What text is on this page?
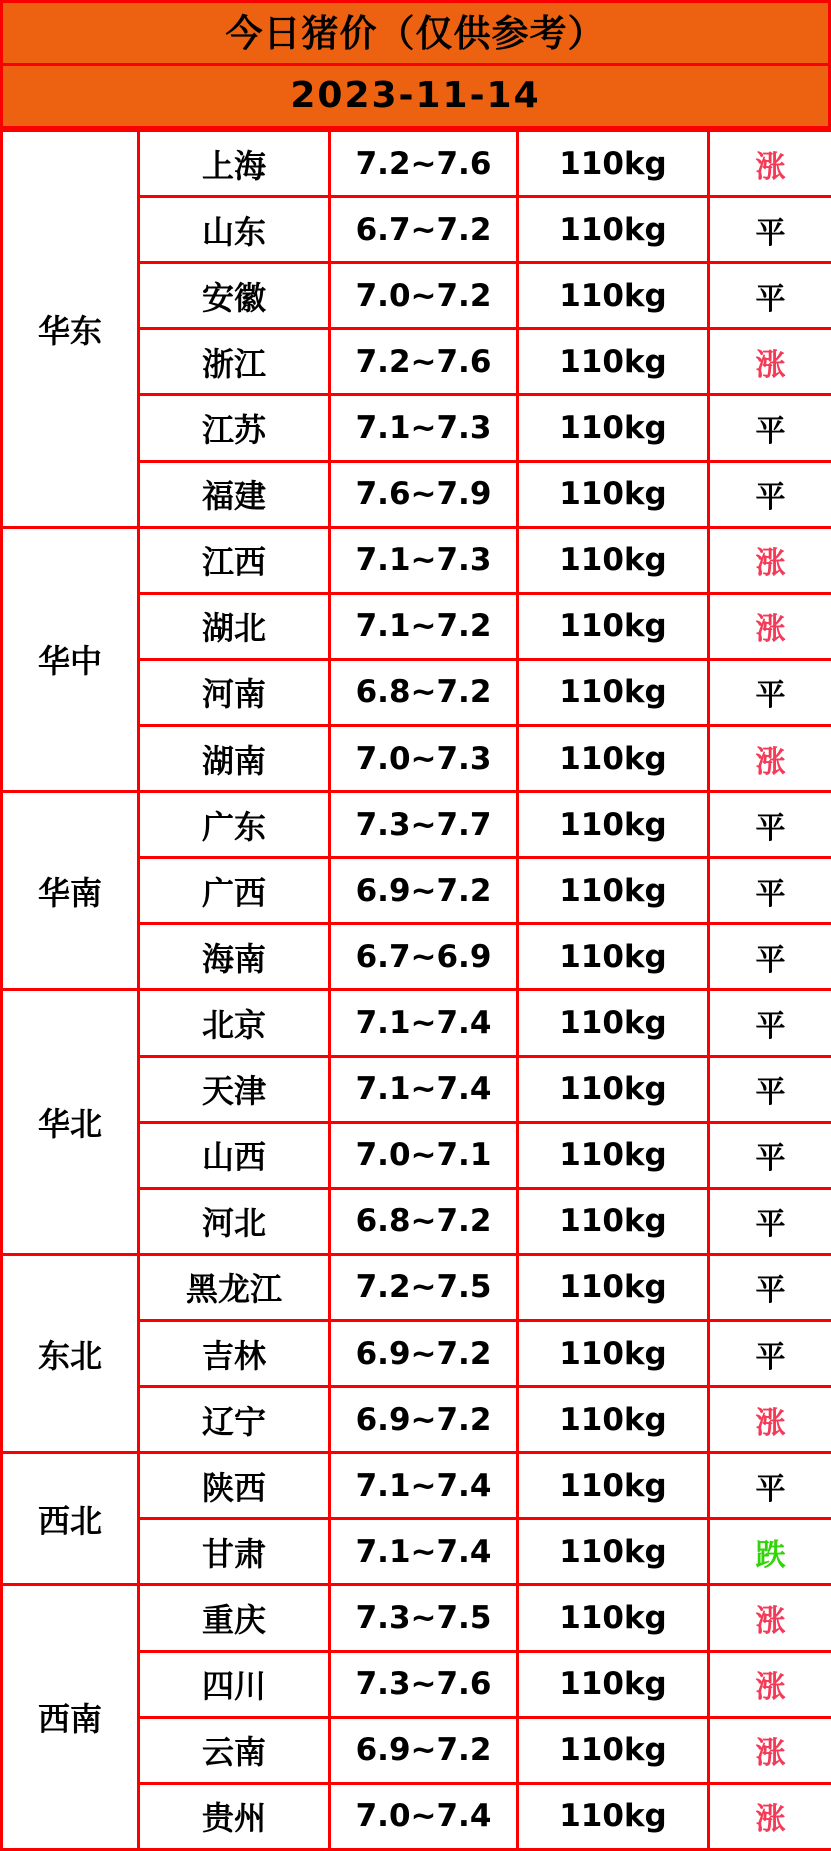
今日猪价（仅供参考）
2023-11-14
华东	上海	7.2~7.6	110kg	涨
	山东	6.7~7.2	110kg	平
	安徽	7.0~7.2	110kg	平
	浙江	7.2~7.6	110kg	涨
	江苏	7.1~7.3	110kg	平
	福建	7.6~7.9	110kg	平
华中	江西	7.1~7.3	110kg	涨
	湖北	7.1~7.2	110kg	涨
	河南	6.8~7.2	110kg	平
	湖南	7.0~7.3	110kg	涨
华南	广东	7.3~7.7	110kg	平
	广西	6.9~7.2	110kg	平
	海南	6.7~6.9	110kg	平
华北	北京	7.1~7.4	110kg	平
	天津	7.1~7.4	110kg	平
	山西	7.0~7.1	110kg	平
	河北	6.8~7.2	110kg	平
东北	黑龙江	7.2~7.5	110kg	平
	吉林	6.9~7.2	110kg	平
	辽宁	6.9~7.2	110kg	涨
西北	陕西	7.1~7.4	110kg	平
	甘肃	7.1~7.4	110kg	跌
西南	重庆	7.3~7.5	110kg	涨
	四川	7.3~7.6	110kg	涨
	云南	6.9~7.2	110kg	涨
	贵州	7.0~7.4	110kg	涨
